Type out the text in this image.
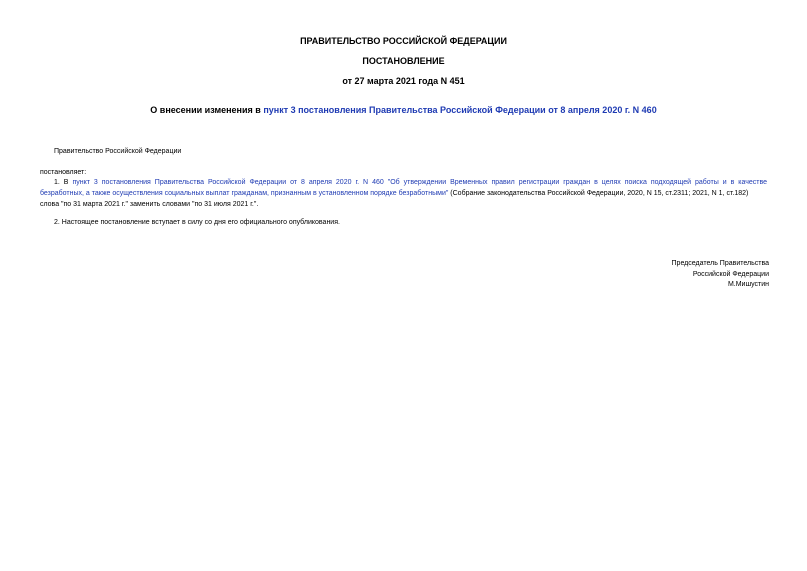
ПРАВИТЕЛЬСТВО РОССИЙСКОЙ ФЕДЕРАЦИИ
ПОСТАНОВЛЕНИЕ
от 27 марта 2021 года N 451
О внесении изменения в пункт 3 постановления Правительства Российской Федерации от 8 апреля 2020 г. N 460
Правительство Российской Федерации
постановляет:
1. В пункт 3 постановления Правительства Российской Федерации от 8 апреля 2020 г. N 460 "Об утверждении Временных правил регистрации граждан в целях поиска подходящей работы и в качестве
безработных, а также осуществления социальных выплат гражданам, признанным в установленном порядке безработными" (Собрание законодательства Российской Федерации, 2020, N 15, ст.2311; 2021, N 1, ст.182)
слова "по 31 марта 2021 г." заменить словами "по 31 июля 2021 г.".
2. Настоящее постановление вступает в силу со дня его официального опубликования.
Председатель Правительства
Российской Федерации
М.Мишустин
